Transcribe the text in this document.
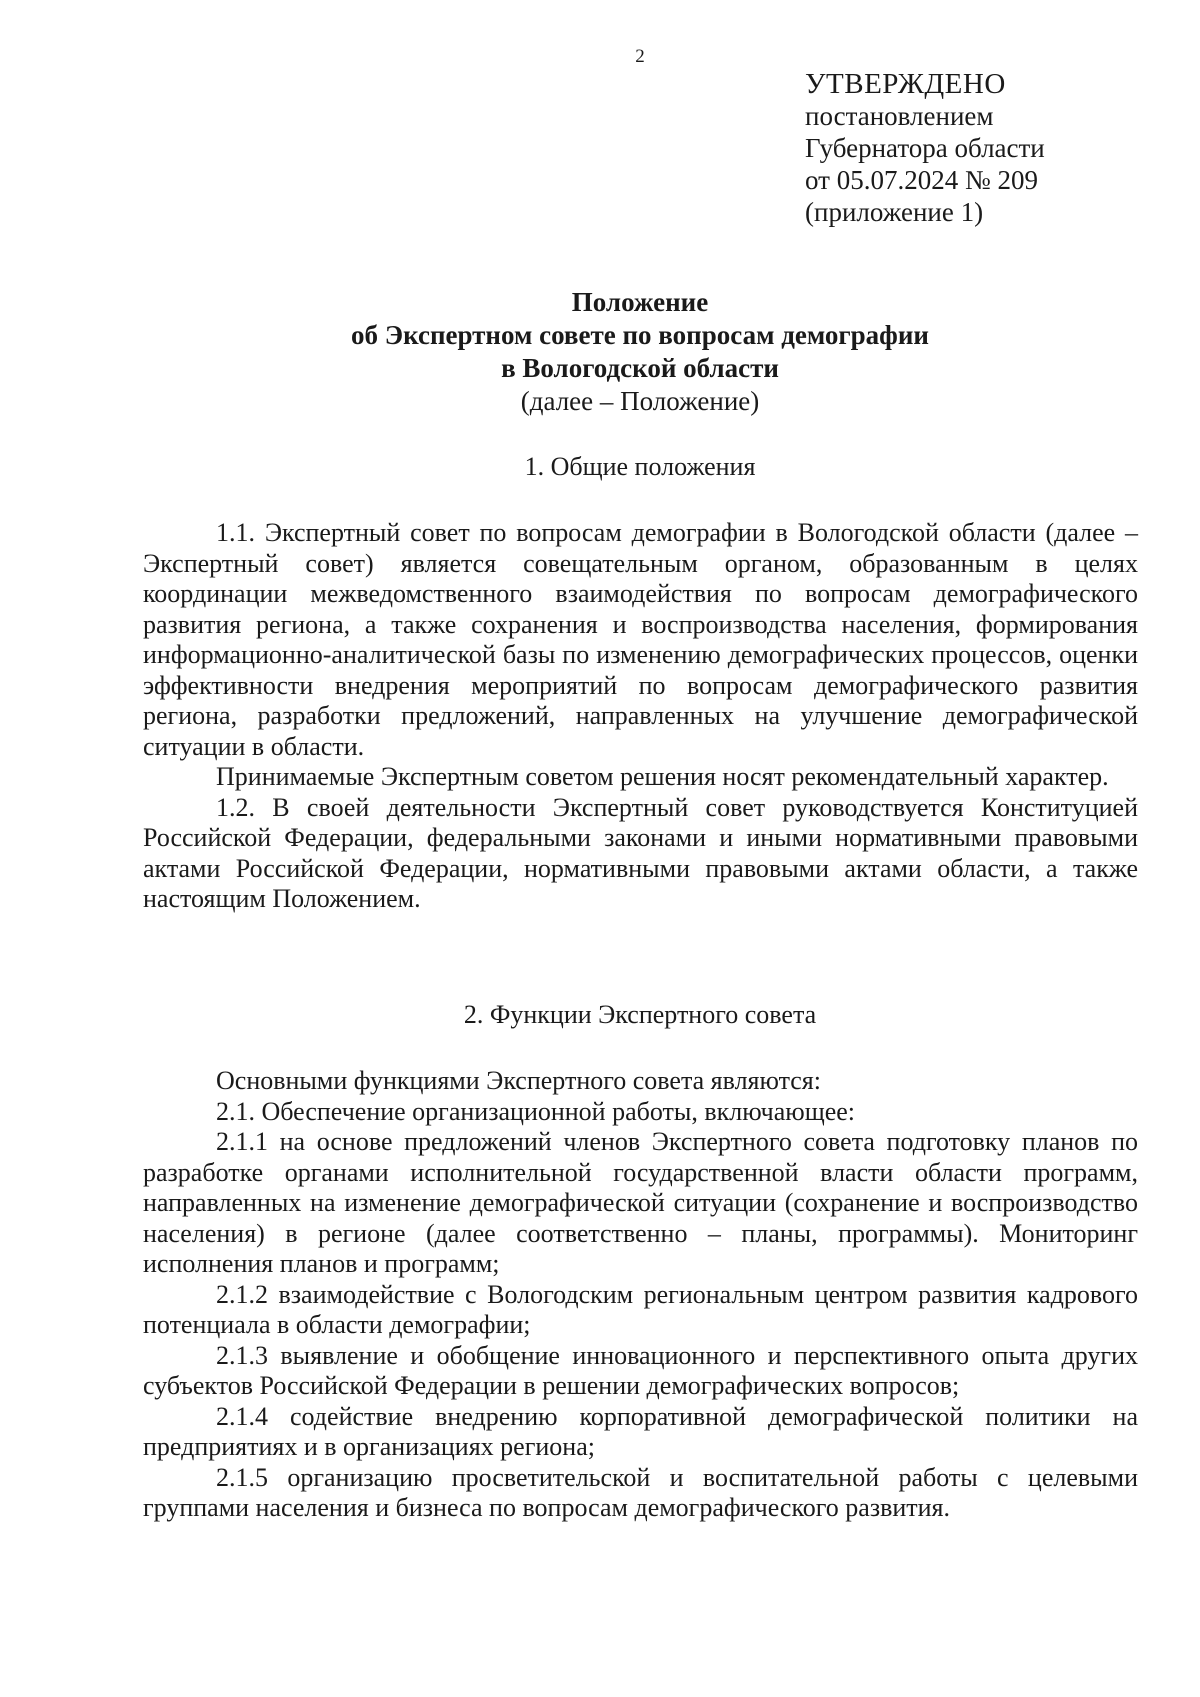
2
УТВЕРЖДЕНО
постановлением
Губернатора области
от 05.07.2024 № 209
(приложение 1)
Положение
об Экспертном совете по вопросам демографии
в Вологодской области
(далее – Положение)
1. Общие положения

1.1. Экспертный совет по вопросам демографии в Вологодской области (далее – Экспертный совет) является совещательным органом, образованным в целях координации межведомственного взаимодействия по вопросам демографического развития региона, а также сохранения и воспроизводства населения, формирования информационно-аналитической базы по изменению демографических процессов, оценки эффективности внедрения мероприятий по вопросам демографического развития региона, разработки предложений, направленных на улучшение демографической ситуации в области.

Принимаемые Экспертным советом решения носят рекомендательный характер.

1.2. В своей деятельности Экспертный совет руководствуется Конституцией Российской Федерации, федеральными законами и иными нормативными правовыми актами Российской Федерации, нормативными правовыми актами области, а также настоящим Положением.

2. Функции Экспертного совета

Основными функциями Экспертного совета являются:

2.1. Обеспечение организационной работы, включающее:

2.1.1 на основе предложений членов Экспертного совета подготовку планов по разработке органами исполнительной государственной власти области программ, направленных на изменение демографической ситуации (сохранение и воспроизводство населения) в регионе (далее соответственно – планы, программы). Мониторинг исполнения планов и программ;

2.1.2 взаимодействие с Вологодским региональным центром развития кадрового потенциала в области демографии;

2.1.3 выявление и обобщение инновационного и перспективного опыта других субъектов Российской Федерации в решении демографических вопросов;

2.1.4 содействие внедрению корпоративной демографической политики на предприятиях и в организациях региона;

2.1.5 организацию просветительской и воспитательной работы с целевыми группами населения и бизнеса по вопросам демографического развития.
